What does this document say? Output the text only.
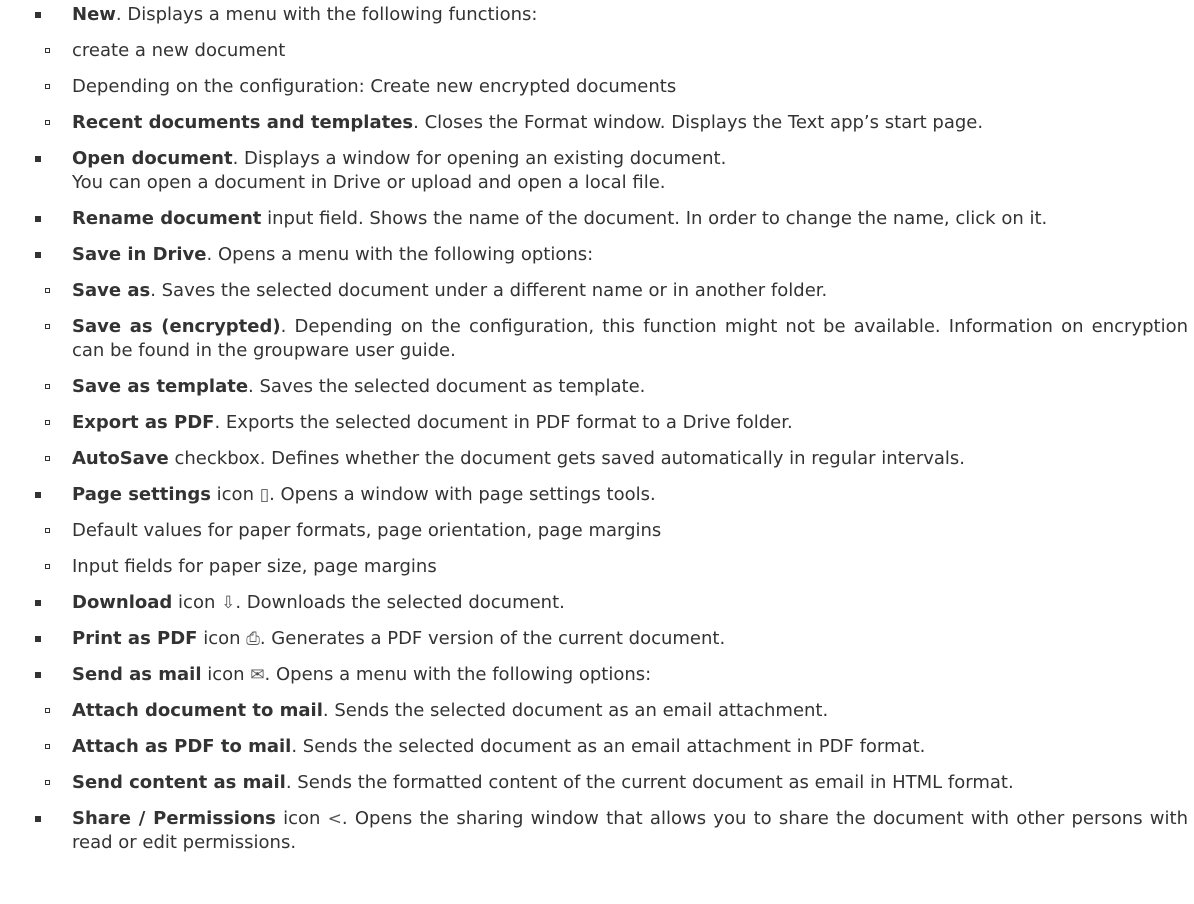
New. Displays a menu with the following functions:
create a new document
Depending on the configuration: Create new encrypted documents
Recent documents and templates. Closes the Format window. Displays the Text app’s start page.
Open document. Displays a window for opening an existing document.
You can open a document in Drive or upload and open a local file.
Rename document input field. Shows the name of the document. In order to change the name, click on it.
Save in Drive. Opens a menu with the following options:
Save as. Saves the selected document under a different name or in another folder.
Save as (encrypted). Depending on the configuration, this function might not be available. Information on encryption can be found in the groupware user guide.
Save as template. Saves the selected document as template.
Export as PDF. Exports the selected document in PDF format to a Drive folder.
AutoSave checkbox. Defines whether the document gets saved automatically in regular intervals.
Page settings icon ▯. Opens a window with page settings tools.
Default values for paper formats, page orientation, page margins
Input fields for paper size, page margins
Download icon ⇩. Downloads the selected document.
Print as PDF icon ⎙. Generates a PDF version of the current document.
Send as mail icon ✉. Opens a menu with the following options:
Attach document to mail. Sends the selected document as an email attachment.
Attach as PDF to mail. Sends the selected document as an email attachment in PDF format.
Send content as mail. Sends the formatted content of the current document as email in HTML format.
Share / Permissions icon <. Opens the sharing window that allows you to share the document with other persons with read or edit permissions.
